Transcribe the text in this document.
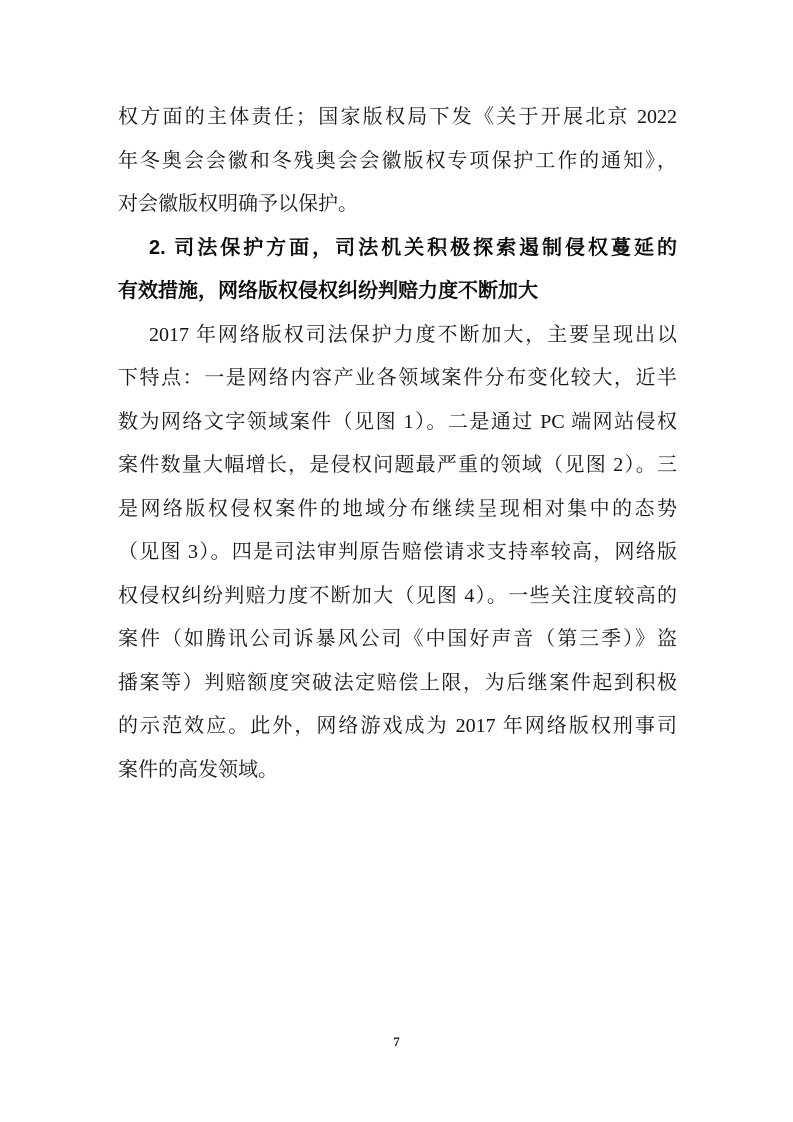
权方面的主体责任；国家版权局下发《关于开展北京 2022
年冬奥会会徽和冬残奥会会徽版权专项保护工作的通知》，
对会徽版权明确予以保护。
2. 司法保护方面，司法机关积极探索遏制侵权蔓延的
有效措施，网络版权侵权纠纷判赔力度不断加大
2017 年网络版权司法保护力度不断加大，主要呈现出以
下特点：一是网络内容产业各领域案件分布变化较大，近半
数为网络文字领域案件（见图 1）。二是通过 PC 端网站侵权
案件数量大幅增长，是侵权问题最严重的领域（见图 2）。三
是网络版权侵权案件的地域分布继续呈现相对集中的态势
（见图 3）。四是司法审判原告赔偿请求支持率较高，网络版
权侵权纠纷判赔力度不断加大（见图 4）。一些关注度较高的
案件（如腾讯公司诉暴风公司《中国好声音（第三季）》盗
播案等）判赔额度突破法定赔偿上限，为后继案件起到积极
的示范效应。此外，网络游戏成为 2017 年网络版权刑事司
案件的高发领域。
7
